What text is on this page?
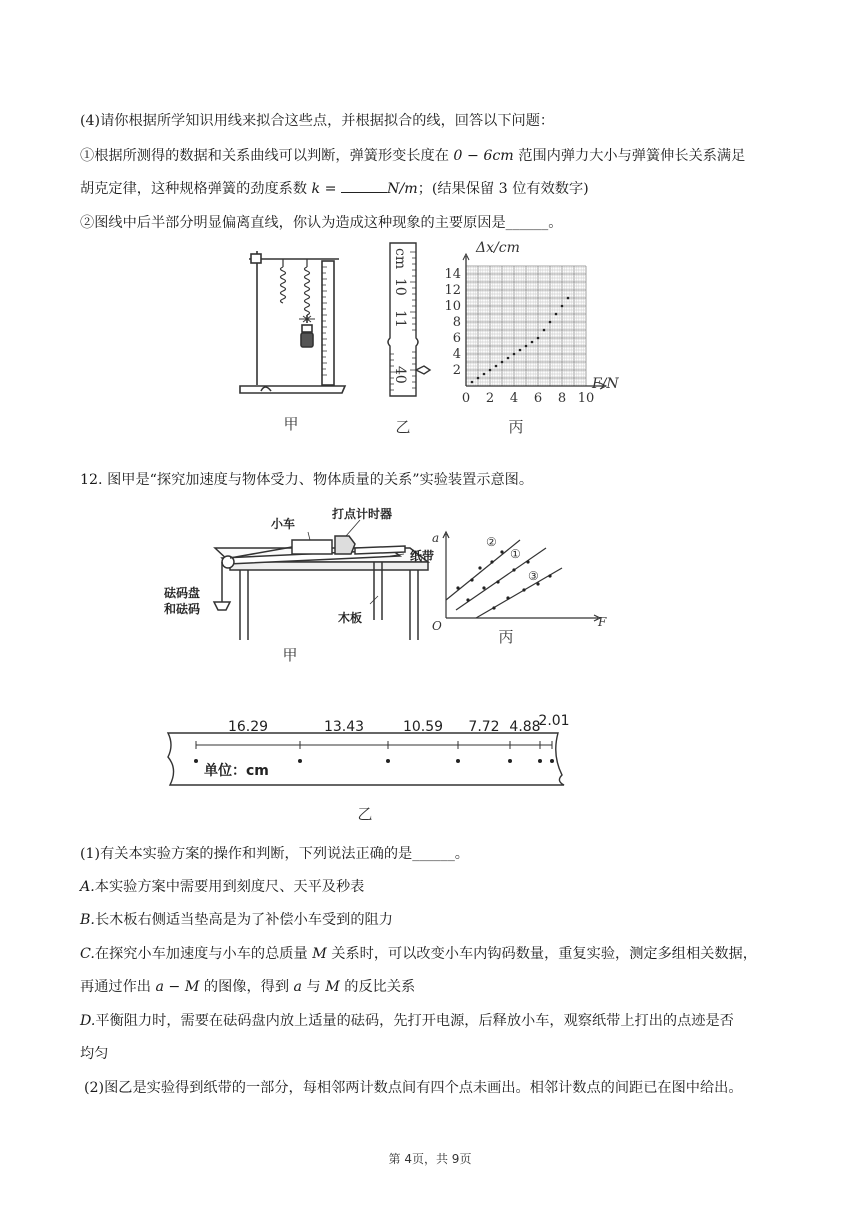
(4)请你根据所学知识用线来拟合这些点，并根据拟合的线，回答以下问题：
①根据所测得的数据和关系曲线可以判断，弹簧形变长度在 0 − 6cm 范围内弹力大小与弹簧伸长关系满足
胡克定律，这种规格弹簧的劲度系数 k =	N/m；(结果保留 3 位有效数字)
②图线中后半部分明显偏离直线，你认为造成这种现象的主要原因是______。
甲
cm
10
11
40
乙
0 2 4 6 8 10
2
4
6
8
10
12
14
Δx/cm
F/N
丙
12. 图甲是“探究加速度与物体受力、物体质量的关系”实验装置示意图。
小车
打点计时器
纸带
木板
砝码盘
和砝码
甲
a
O	F
②
①
③
丙
16.29	13.43	10.59 7.72 4.88
2.01
单位：cm
乙
(1)有关本实验方案的操作和判断，下列说法正确的是______。
A.本实验方案中需要用到刻度尺、天平及秒表
B.长木板右侧适当垫高是为了补偿小车受到的阻力
C.在探究小车加速度与小车的总质量 M 关系时，可以改变小车内钩码数量，重复实验，测定多组相关数据，
再通过作出 a − M 的图像，得到 a 与 M 的反比关系
D.平衡阻力时，需要在砝码盘内放上适量的砝码，先打开电源，后释放小车，观察纸带上打出的点迹是否
均匀
(2)图乙是实验得到纸带的一部分，每相邻两计数点间有四个点未画出。相邻计数点的间距已在图中给出。
第 4页，共 9页
